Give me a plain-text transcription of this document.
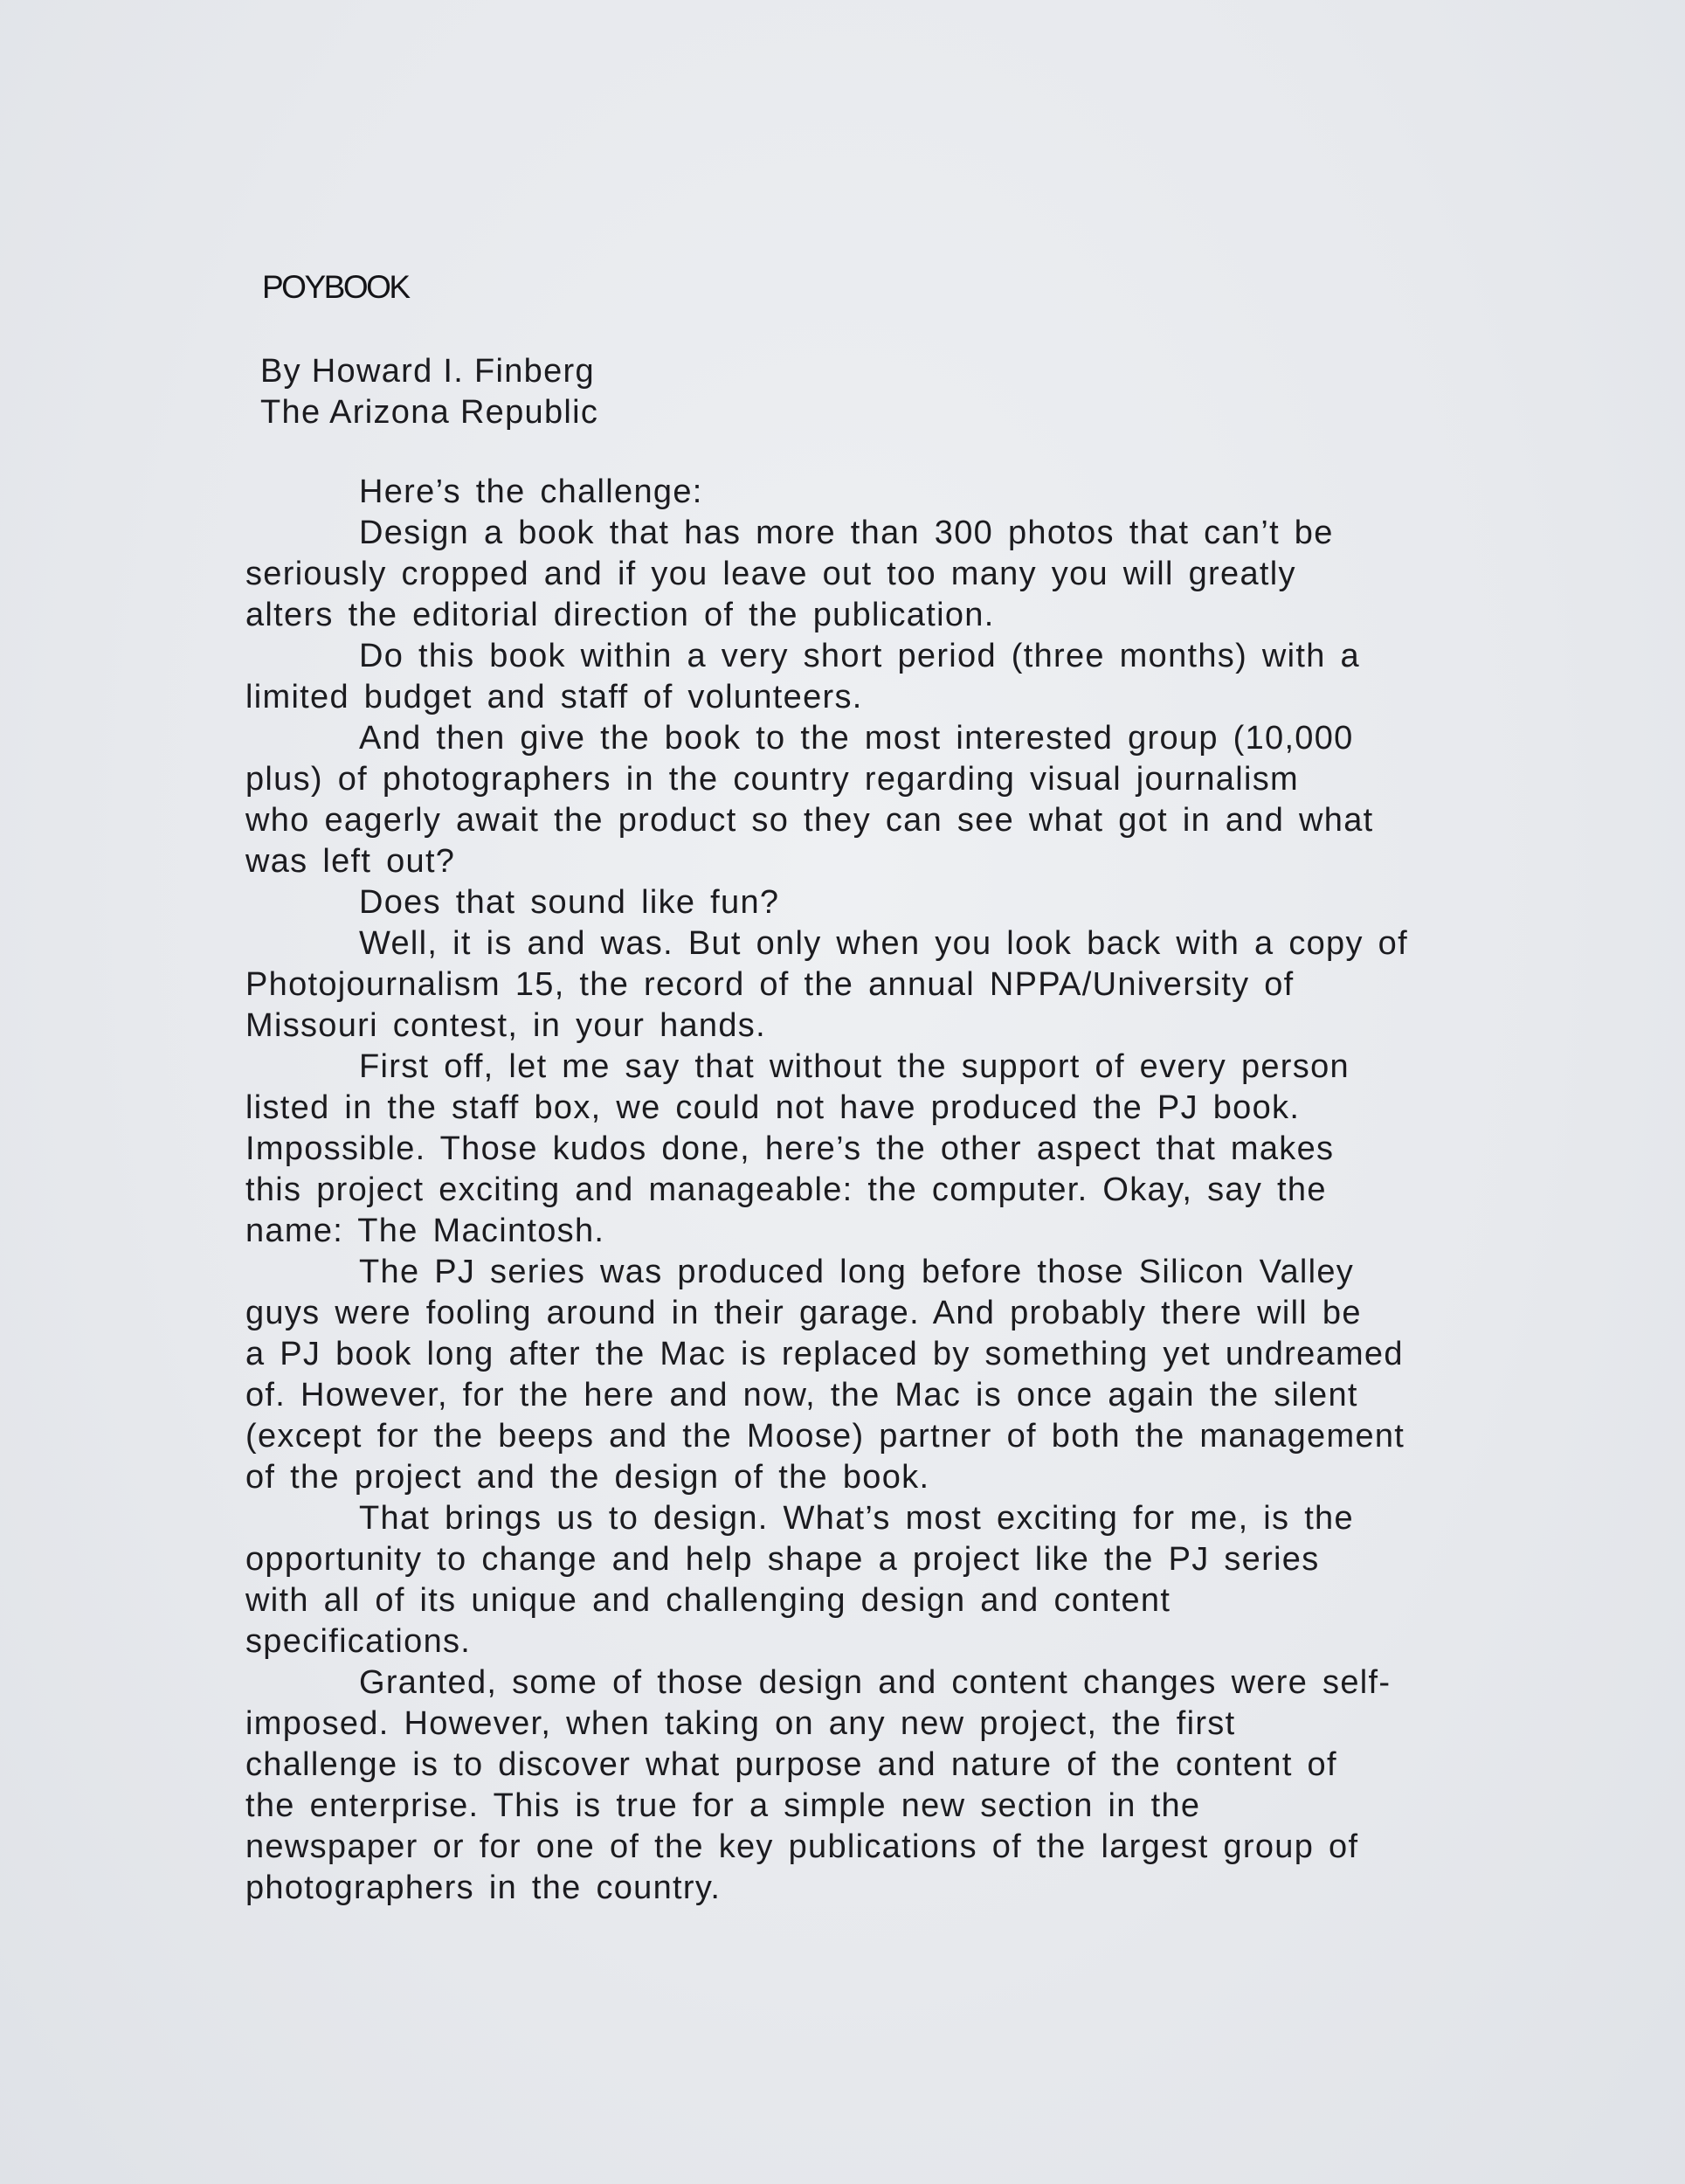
POYBOOK
By Howard I. Finberg
The Arizona Republic
Here’s the challenge:
Design a book that has more than 300 photos that can’t be
seriously cropped and if you leave out too many you will greatly
alters the editorial direction of the publication.
Do this book within a very short period (three months) with a
limited budget and staff of volunteers.
And then give the book to the most interested group (10,000
plus) of photographers in the country regarding visual journalism
who eagerly await the product so they can see what got in and what
was left out?
Does that sound like fun?
Well, it is and was. But only when you look back with a copy of
Photojournalism 15, the record of the annual NPPA/University of
Missouri contest, in your hands.
First off, let me say that without the support of every person
listed in the staff box, we could not have produced the PJ book.
Impossible. Those kudos done, here’s the other aspect that makes
this project exciting and manageable: the computer. Okay, say the
name: The Macintosh.
The PJ series was produced long before those Silicon Valley
guys were fooling around in their garage. And probably there will be
a PJ book long after the Mac is replaced by something yet undreamed
of. However, for the here and now, the Mac is once again the silent
(except for the beeps and the Moose) partner of both the management
of the project and the design of the book.
That brings us to design. What’s most exciting for me, is the
opportunity to change and help shape a project like the PJ series
with all of its unique and challenging design and content
specifications.
Granted, some of those design and content changes were self-
imposed. However, when taking on any new project, the first
challenge is to discover what purpose and nature of the content of
the enterprise. This is true for a simple new section in the
newspaper or for one of the key publications of the largest group of
photographers in the country.
